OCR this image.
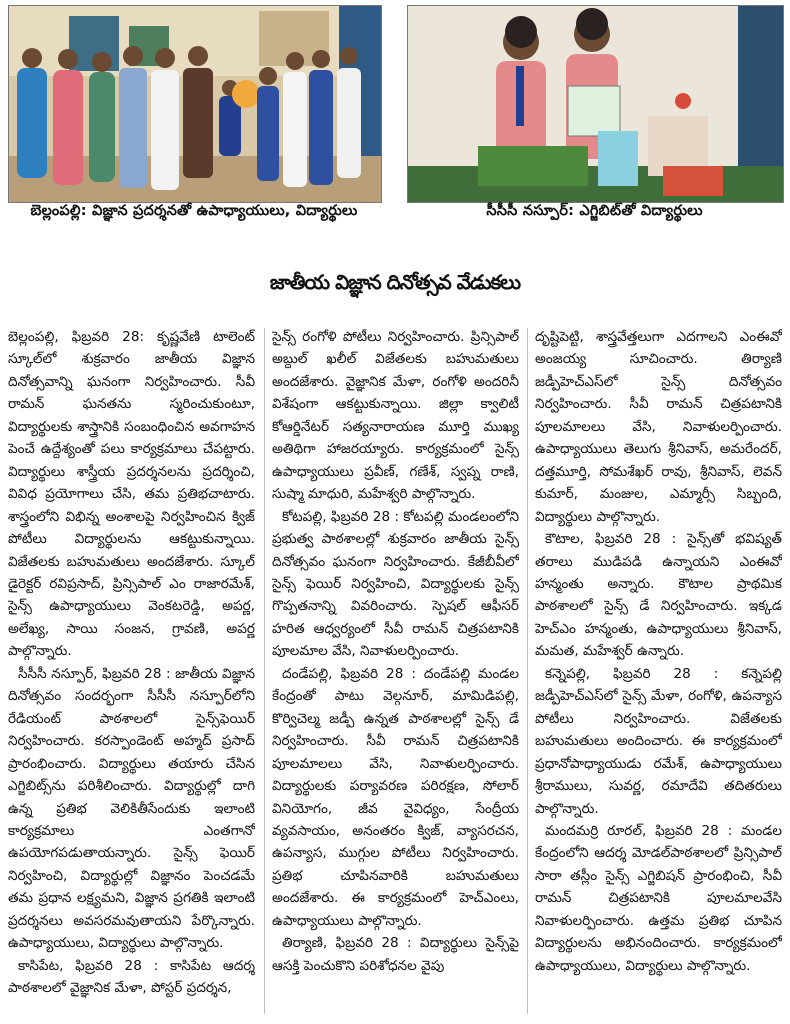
బెల్లంపల్లి: విజ్ఞాన ప్రదర్శనతో ఉపాధ్యాయులు, విద్యార్థులు	సీసీసీ నస్పూర్: ఎగ్జిబిట్‌తో విద్యార్థులు
జాతీయ విజ్ఞాన దినోత్సవ వేడుకలు

బెల్లంపల్లి, ఫిబ్రవరి 28: కృష్ణవేణి టాలెంట్ స్కూల్‌లో శుక్రవారం జాతీయ విజ్ఞాన దినోత్సవాన్ని ఘనంగా నిర్వహించారు. సీవీ రామన్ ఘనతను స్మరించుకుంటూ, విద్యార్థులకు శాస్త్రానికి సంబంధించిన అవగాహన పెంచే ఉద్దేశ్యంతో పలు కార్యక్రమాలు చేపట్టారు. విద్యార్థులు శాస్త్రీయ ప్రదర్శనలను ప్రదర్శించి, వివిధ ప్రయోగాలు చేసి, తమ ప్రతిభచాటారు. శాస్త్రంలోని విభిన్న అంశాలపై నిర్వహించిన క్విజ్ పోటీలు విద్యార్థులను ఆకట్టుకున్నాయి. విజేతలకు బహుమతులు అందజేశారు. స్కూల్ డైరెక్టర్ రవిప్రసాద్, ప్రిన్సిపాల్ ఎం రాజారమేశ్, సైన్స్ ఉపాధ్యాయులు వెంకటరెడ్డి, అపర్ణ, అలేఖ్య, సాయి సంజన, గ్రావణి, అపర్ణ పాల్గొన్నారు.

సీసీసీ నస్పూర్, ఫిబ్రవరి 28 : జాతీయ విజ్ఞాన దినోత్సవం సందర్భంగా సీసీసీ నస్పూర్‌లోని రేడియంట్ పాఠశాలలో సైన్స్‌ఫెయిర్ నిర్వహించారు. కరస్పాండెంట్ అహ్మద్ ప్రసాద్ ప్రారంభించారు. విద్యార్థులు తయారు చేసిన ఎగ్జిబిట్స్‌ను పరిశీలించారు. విద్యార్థుల్లో దాగి ఉన్న ప్రతిభ వెలికితీసేందుకు ఇలాంటి కార్యక్రమాలు ఎంతగానో ఉపయోగపడుతాయన్నారు. సైన్స్ ఫెయిర్ నిర్వహించి, విద్యార్థుల్లో విజ్ఞానం పెంచడమే తమ ప్రధాన లక్ష్యమని, విజ్ఞాన ప్రగతికి ఇలాంటి ప్రదర్శనలు అవసరమవుతాయని పేర్కొన్నారు. ఉపాధ్యాయులు, విద్యార్థులు పాల్గొన్నారు.

కాసిపేట, ఫిబ్రవరి 28 : కాసిపేట ఆదర్శ పాఠశాలలో వైజ్ఞానిక మేళా, పోస్టర్ ప్రదర్శన,

సైన్స్ రంగోళి పోటీలు నిర్వహించారు. ప్రిన్సిపాల్ అబ్దుల్ ఖలీల్ విజేతలకు బహుమతులు అందజేశారు. వైజ్ఞానిక మేళా, రంగోళి అందరినీ విశేషంగా ఆకట్టుకున్నాయి. జిల్లా క్వాలిటీ కోఆర్డినేటర్ సత్యనారాయణ మూర్తి ముఖ్య అతిథిగా హాజరయ్యారు. కార్యక్రమంలో సైన్స్ ఉపాధ్యాయులు ప్రవీణ్, గణేశ్, స్వప్న రాణి, సుష్మా మాధురి, మహేశ్వరి పాల్గొన్నారు.

కోటపల్లి, ఫిబ్రవరి 28 : కోటపల్లి మండలంలోని ప్రభుత్వ పాఠశాలల్లో శుక్రవారం జాతీయ సైన్స్ దినోత్సవం ఘనంగా నిర్వహించారు. కేజీబీవీలో సైన్స్ ఫెయిర్ నిర్వహించి, విద్యార్థులకు సైన్స్ గొప్పతనాన్ని వివరించారు. స్పెషల్ ఆఫీసర్ హరిత ఆధ్వర్యంలో సీవీ రామన్ చిత్రపటానికి పూలమాల వేసి, నివాళులర్పించారు.

దండేపల్లి, ఫిబ్రవరి 28 : దండేపల్లి మండల కేంద్రంతో పాటు వెల్గనూర్, మామిడిపల్లి, కొర్విచెల్మ జడ్పీ ఉన్నత పాఠశాలల్లో సైన్స్ డే నిర్వహించారు. సీవీ రామన్ చిత్రపటానికి పూలమాలలు వేసి, నివాళులర్పించారు. విద్యార్థులకు పర్యావరణ పరిరక్షణ, సోలార్ వినియోగం, జీవ వైవిధ్యం, సేంద్రీయ వ్యవసాయం, అనంతరం క్విజ్, వ్యాసరచన, ఉపన్యాస, ముగ్గుల పోటీలు నిర్వహించారు. ప్రతిభ చూపినవారికి బహుమతులు అందజేశారు. ఈ కార్యక్రమంలో హెచ్ఎంలు, ఉపాధ్యాయులు పాల్గొన్నారు.

తిర్యాణి, ఫిబ్రవరి 28 : విద్యార్థులు సైన్స్‌పై ఆసక్తి పెంచుకొని పరిశోధనల వైపు

దృష్టిపెట్టి, శాస్త్రవేత్తలుగా ఎదగాలని ఎంఈవో అంజయ్య సూచించారు. తిర్యాణి జడ్పీహెచ్ఎస్‌లో సైన్స్ దినోత్సవం నిర్వహించారు. సీవీ రామన్ చిత్రపటానికి పూలమాలలు వేసి, నివాళులర్పించారు. ఉపాధ్యాయులు తెలుగు శ్రీనివాస్, అమరేందర్, దత్తమూర్తి, సోమశేఖర్ రావు, శ్రీనివాస్, లెవన్ కుమార్, మంజుల, ఎమ్మార్సీ సిబ్బంది, విద్యార్థులు పాల్గొన్నారు.

కౌటాల, ఫిబ్రవరి 28 : సైన్స్‌తో భవిష్యత్ తరాలు ముడిపడి ఉన్నాయని ఎంఈవో హన్మంతు అన్నారు. కౌటాల ప్రాథమిక పాఠశాలలో సైన్స్ డే నిర్వహించారు. ఇక్కడ హెచ్ఎం హన్మంతు, ఉపాధ్యాయులు శ్రీనివాస్, మమత, మహేశ్వర్ ఉన్నారు.

కన్నెపల్లి, ఫిబ్రవరి 28 : కన్నెపల్లి జడ్పీహెచ్ఎస్‌లో సైన్స్ మేళా, రంగోళి, ఉపన్యాస పోటీలు నిర్వహించారు. విజేతలకు బహుమతులు అందించారు. ఈ కార్యక్రమంలో ప్రధానోపాధ్యాయుడు రమేశ్, ఉపాధ్యాయులు శ్రీరాములు, సువర్ణ, రమాదేవి తదితరులు పాల్గొన్నారు.

మందమర్రి రూరల్, ఫిబ్రవరి 28 : మండల కేంద్రంలోని ఆదర్శ మోడల్‌పాఠశాలలో ప్రిన్సిపాల్ సారా తస్లీం సైన్స్ ఎగ్జిబిషన్ ప్రారంభించి, సీవీ రామన్ చిత్రపటానికి పూలమాలవేసి నివాళులర్పించారు. ఉత్తమ ప్రతిభ చూపిన విద్యార్థులను అభినందించారు. కార్యక్రమంలో ఉపాధ్యాయులు, విద్యార్థులు పాల్గొన్నారు.
